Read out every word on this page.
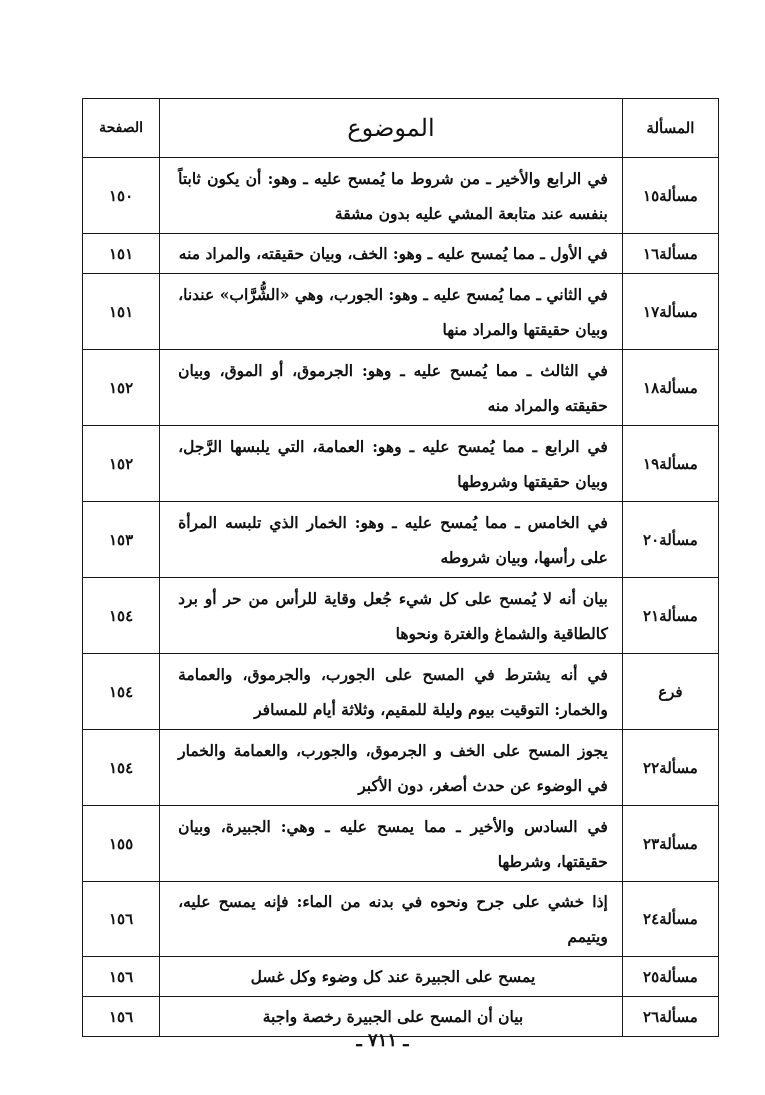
الصفحة	الموضوع	المسألة
١٥٠	في الرابع والأخير ـ من شروط ما يُمسح عليه ـ وهو: أن يكون ثابتاً بنفسه عند متابعة المشي عليه بدون مشقة	مسألة١٥
١٥١	في الأول ـ مما يُمسح عليه ـ وهو: الخف، وبيان حقيقته، والمراد منه	مسألة١٦
١٥١	في الثاني ـ مما يُمسح عليه ـ وهو: الجورب، وهي «الشُّرَّاب» عندنا، وبيان حقيقتها والمراد منها	مسألة١٧
١٥٢	في الثالث ـ مما يُمسح عليه ـ وهو: الجرموق، أو الموق، وبيان حقيقته والمراد منه	مسألة١٨
١٥٢	في الرابع ـ مما يُمسح عليه ـ وهو: العمامة، التي يلبسها الرَّجل، وبيان حقيقتها وشروطها	مسألة١٩
١٥٣	في الخامس ـ مما يُمسح عليه ـ وهو: الخمار الذي تلبسه المرأة على رأسها، وبيان شروطه	مسألة٢٠
١٥٤	بيان أنه لا يُمسح على كل شيء جُعل وقاية للرأس من حر أو برد كالطاقية والشماغ والغترة ونحوها	مسألة٢١
١٥٤	في أنه يشترط في المسح على الجورب، والجرموق، والعمامة والخمار: التوقيت بيوم وليلة للمقيم، وثلاثة أيام للمسافر	فرع
١٥٤	يجوز المسح على الخف و الجرموق، والجورب، والعمامة والخمار في الوضوء عن حدث أصغر، دون الأكبر	مسألة٢٢
١٥٥	في السادس والأخير ـ مما يمسح عليه ـ وهي: الجبيرة، وبيان حقيقتها، وشرطها	مسألة٢٣
١٥٦	إذا خشي على جرح ونحوه في بدنه من الماء: فإنه يمسح عليه، ويتيمم	مسألة٢٤
١٥٦	يمسح على الجبيرة عند كل وضوء وكل غسل	مسألة٢٥
١٥٦	بيان أن المسح على الجبيرة رخصة واجبة	مسألة٢٦
ـ ٧١١ ـ
